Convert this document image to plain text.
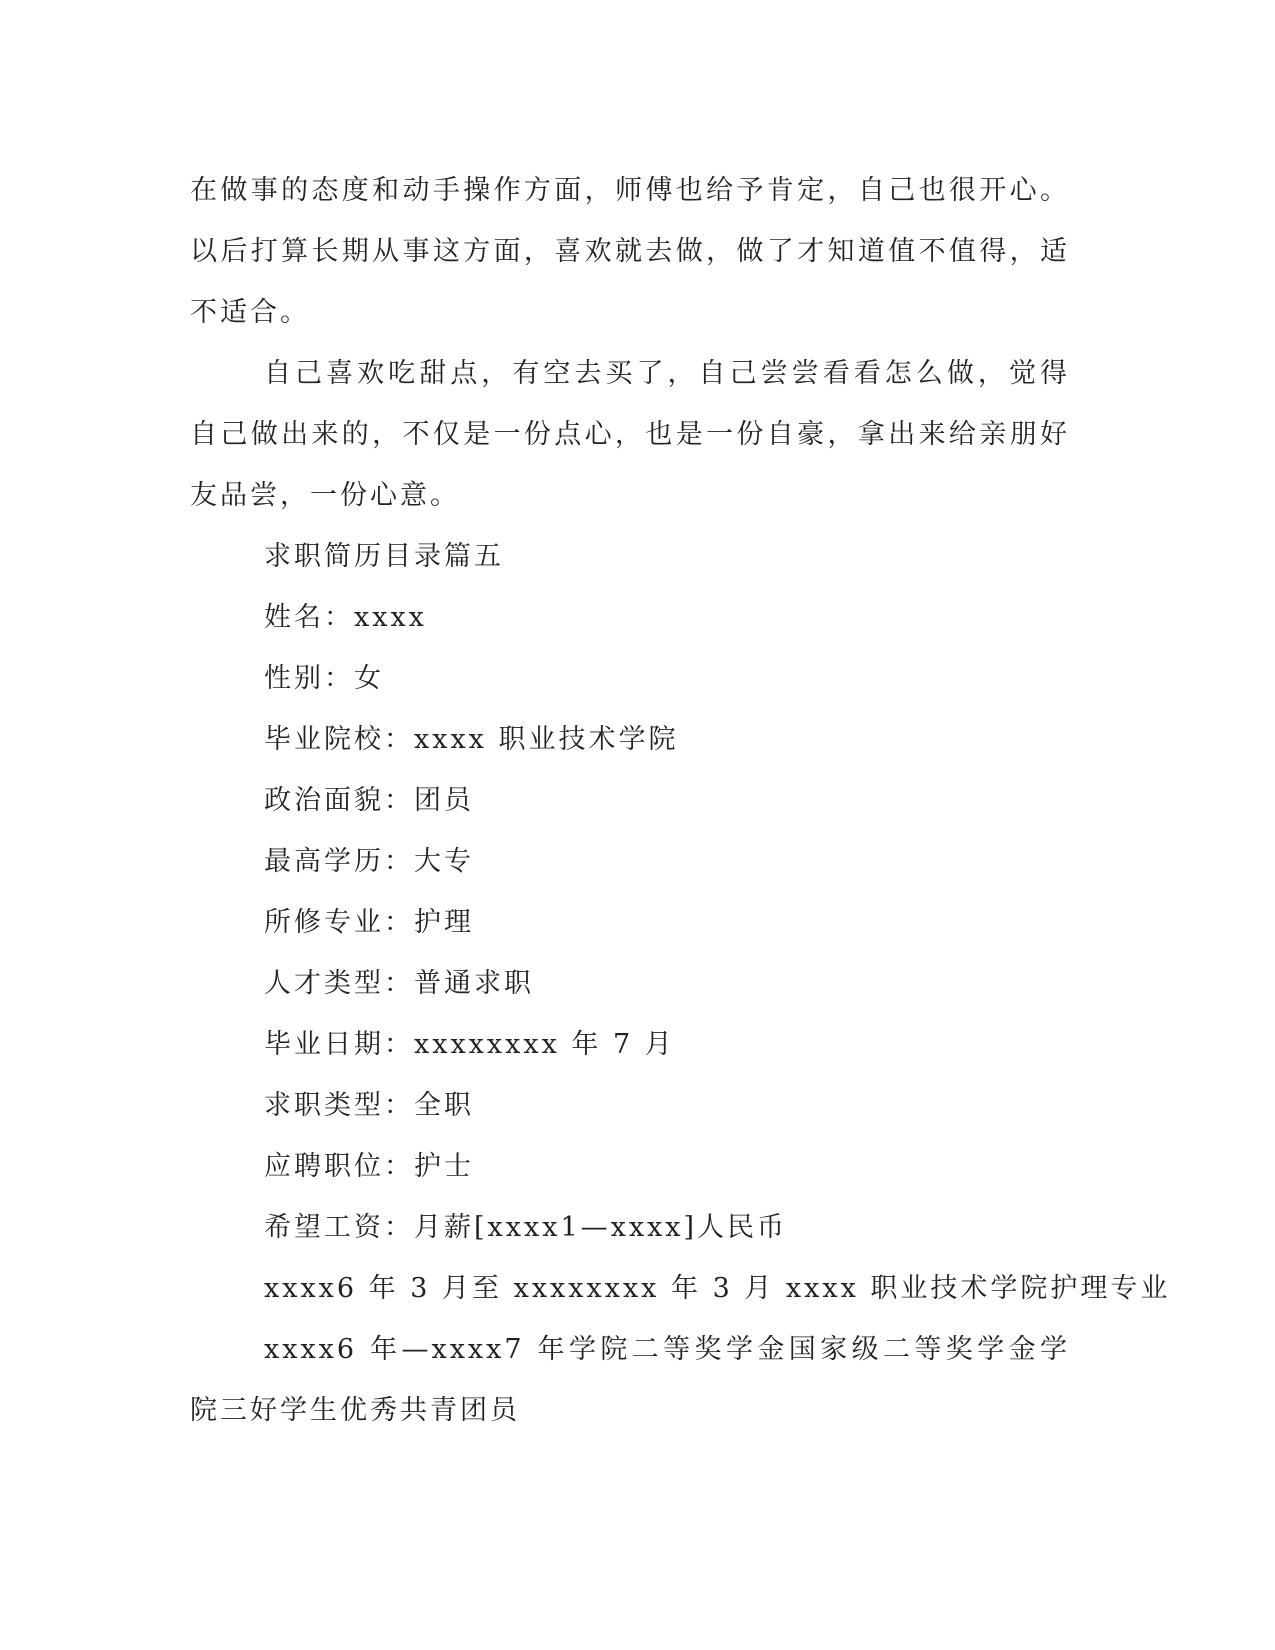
在做事的态度和动手操作方面，师傅也给予肯定，自己也很开心。以后打算长期从事这方面，喜欢就去做，做了才知道值不值得，适不适合。

自己喜欢吃甜点，有空去买了，自己尝尝看看怎么做，觉得自己做出来的，不仅是一份点心，也是一份自豪，拿出来给亲朋好友品尝，一份心意。

求职简历目录篇五

姓名：xxxx

性别：女

毕业院校：xxxx 职业技术学院

政治面貌：团员

最高学历：大专

所修专业：护理

人才类型：普通求职

毕业日期：xxxxxxxx 年 7 月

求职类型：全职

应聘职位：护士

希望工资：月薪[xxxx1—xxxx]人民币

xxxx6 年 3 月至 xxxxxxxx 年 3 月 xxxx 职业技术学院护理专业

xxxx6 年—xxxx7 年学院二等奖学金国家级二等奖学金学院三好学生优秀共青团员
